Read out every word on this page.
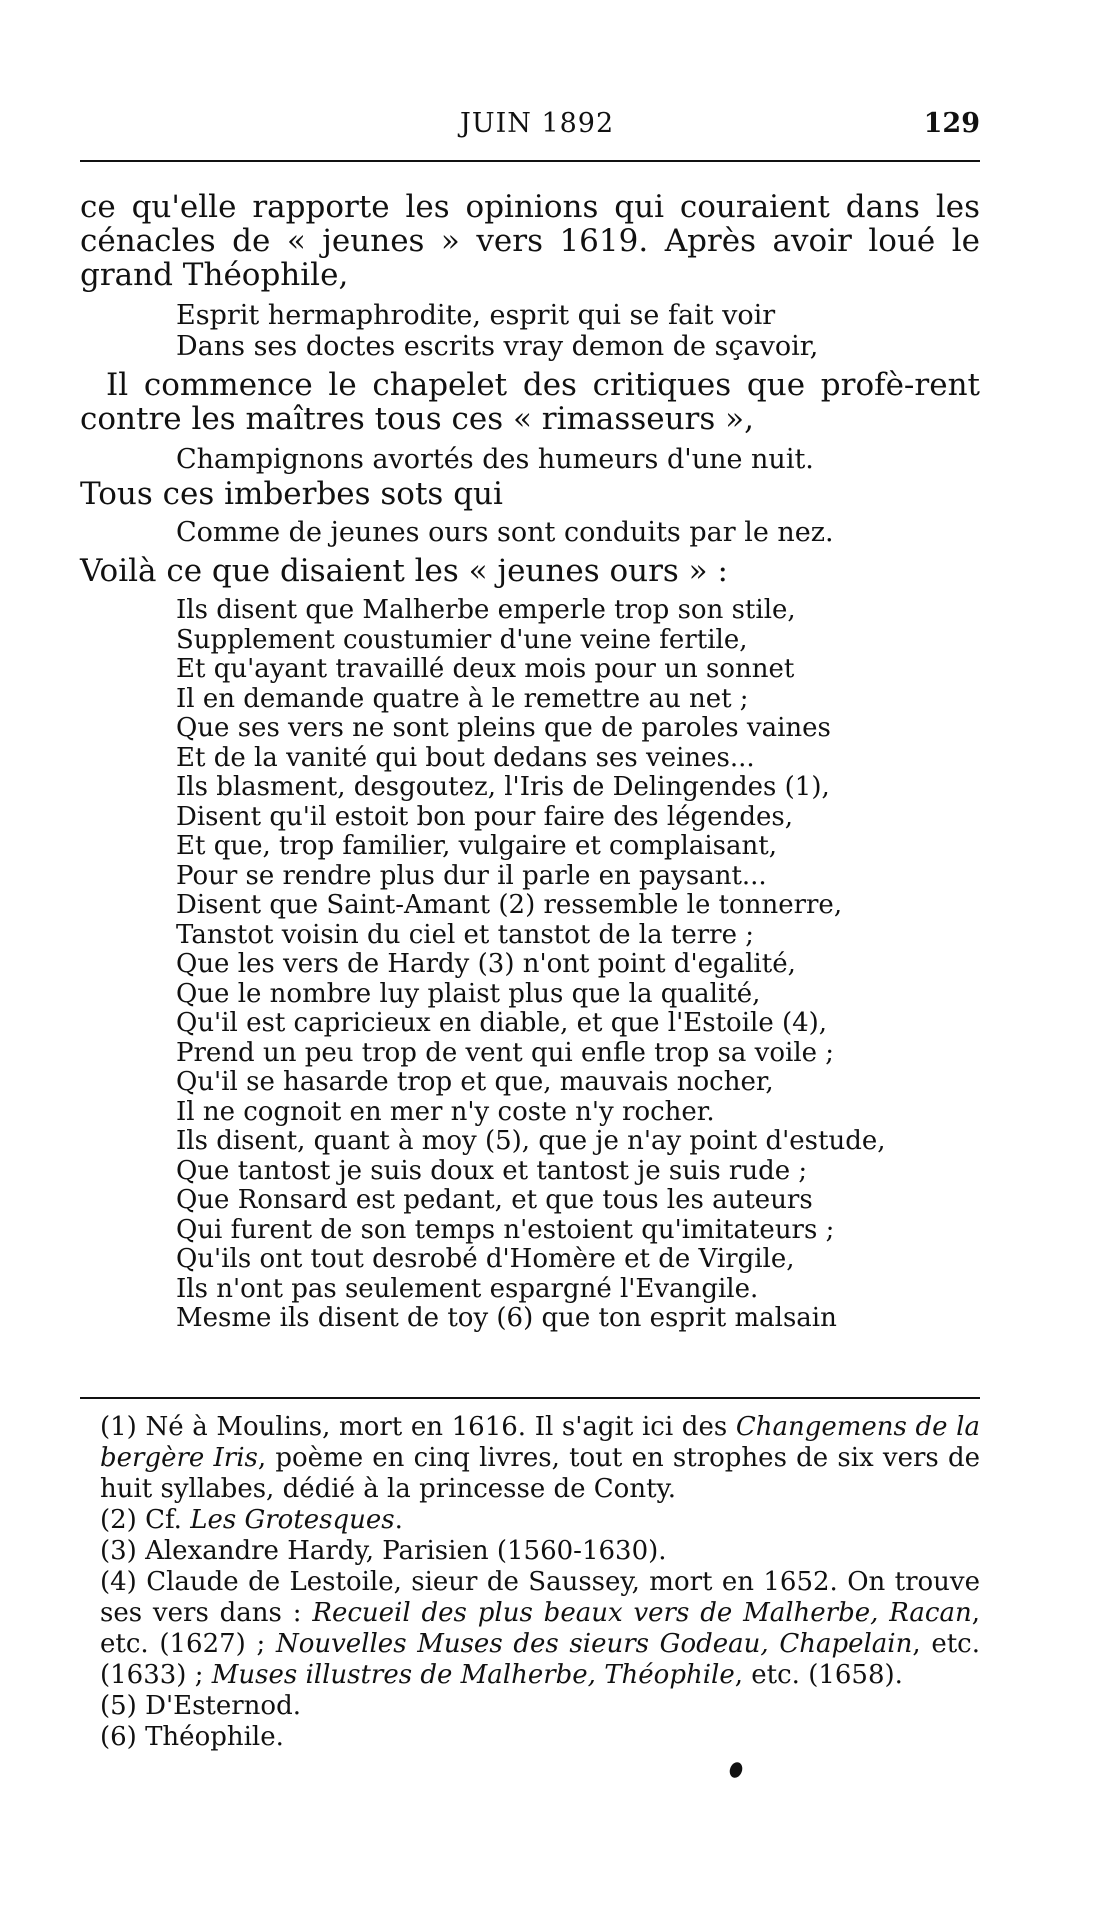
JUIN 1892	129

ce qu'elle rapporte les opinions qui couraient dans les cénacles de « jeunes » vers 1619. Après avoir loué le grand Théophile,

Esprit hermaphrodite, esprit qui se fait voir
Dans ses doctes escrits vray demon de sçavoir,

Il commence le chapelet des critiques que profè-rent contre les maîtres tous ces « rimasseurs »,

Champignons avortés des humeurs d'une nuit.

Tous ces imberbes sots qui

Comme de jeunes ours sont conduits par le nez.

Voilà ce que disaient les « jeunes ours » :

Ils disent que Malherbe emperle trop son stile,
Supplement coustumier d'une veine fertile,
Et qu'ayant travaillé deux mois pour un sonnet
Il en demande quatre à le remettre au net ;
Que ses vers ne sont pleins que de paroles vaines
Et de la vanité qui bout dedans ses veines...
Ils blasment, desgoutez, l'Iris de Delingendes (1),
Disent qu'il estoit bon pour faire des légendes,
Et que, trop familier, vulgaire et complaisant,
Pour se rendre plus dur il parle en paysant...
Disent que Saint-Amant (2) ressemble le tonnerre,
Tanstot voisin du ciel et tanstot de la terre ;
Que les vers de Hardy (3) n'ont point d'egalité,
Que le nombre luy plaist plus que la qualité,
Qu'il est capricieux en diable, et que l'Estoile (4),
Prend un peu trop de vent qui enfle trop sa voile ;
Qu'il se hasarde trop et que, mauvais nocher,
Il ne cognoit en mer n'y coste n'y rocher.
Ils disent, quant à moy (5), que je n'ay point d'estude,
Que tantost je suis doux et tantost je suis rude ;
Que Ronsard est pedant, et que tous les auteurs
Qui furent de son temps n'estoient qu'imitateurs ;
Qu'ils ont tout desrobé d'Homère et de Virgile,
Ils n'ont pas seulement espargné l'Evangile.
Mesme ils disent de toy (6) que ton esprit malsain

(1) Né à Moulins, mort en 1616. Il s'agit ici des Changemens de la bergère Iris, poème en cinq livres, tout en strophes de six vers de huit syllabes, dédié à la princesse de Conty.

(2) Cf. Les Grotesques.

(3) Alexandre Hardy, Parisien (1560-1630).

(4) Claude de Lestoile, sieur de Saussey, mort en 1652. On trouve ses vers dans : Recueil des plus beaux vers de Malherbe, Racan, etc. (1627) ; Nouvelles Muses des sieurs Godeau, Chapelain, etc. (1633) ; Muses illustres de Malherbe, Théophile, etc. (1658).

(5) D'Esternod.

(6) Théophile.
